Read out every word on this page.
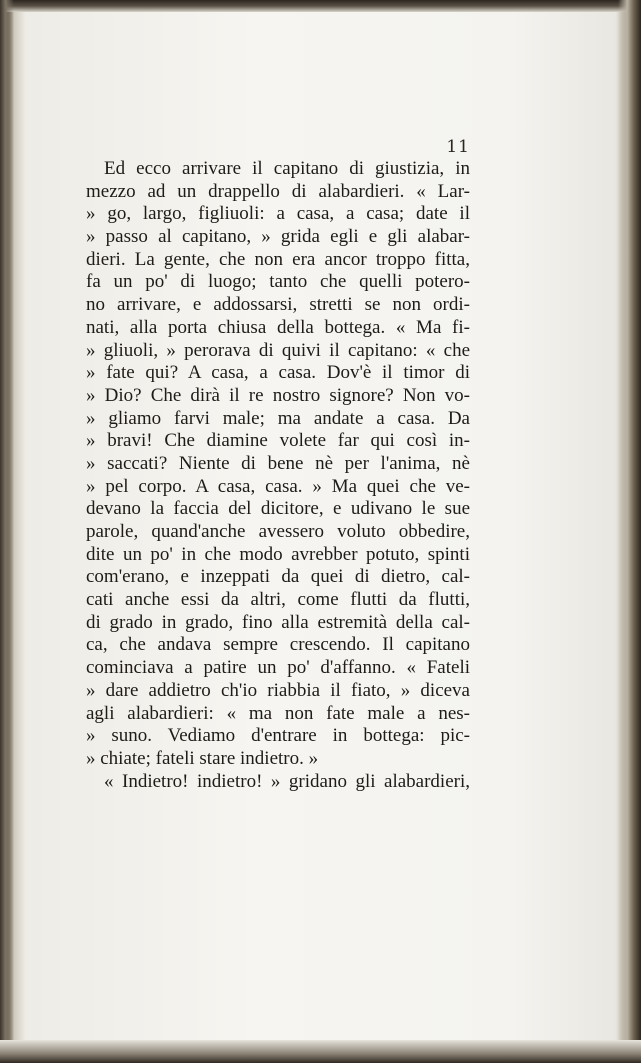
11
Ed ecco arrivare il capitano di giustizia, in
mezzo ad un drappello di alabardieri. « Lar-
» go, largo, figliuoli: a casa, a casa; date il
» passo al capitano, » grida egli e gli alabar-
dieri. La gente, che non era ancor troppo fitta,
fa un po' di luogo; tanto che quelli potero-
no arrivare, e addossarsi, stretti se non ordi-
nati, alla porta chiusa della bottega. « Ma fi-
» gliuoli, » perorava di quivi il capitano: « che
» fate qui? A casa, a casa. Dov'è il timor di
» Dio? Che dirà il re nostro signore? Non vo-
» gliamo farvi male; ma andate a casa. Da
» bravi! Che diamine volete far qui così in-
» saccati? Niente di bene nè per l'anima, nè
» pel corpo. A casa, casa. » Ma quei che ve-
devano la faccia del dicitore, e udivano le sue
parole, quand'anche avessero voluto obbedire,
dite un po' in che modo avrebber potuto, spinti
com'erano, e inzeppati da quei di dietro, cal-
cati anche essi da altri, come flutti da flutti,
di grado in grado, fino alla estremità della cal-
ca, che andava sempre crescendo. Il capitano
cominciava a patire un po' d'affanno. « Fateli
» dare addietro ch'io riabbia il fiato, » diceva
agli alabardieri: « ma non fate male a nes-
» suno. Vediamo d'entrare in bottega: pic-
» chiate; fateli stare indietro. »
« Indietro! indietro! » gridano gli alabardieri,
